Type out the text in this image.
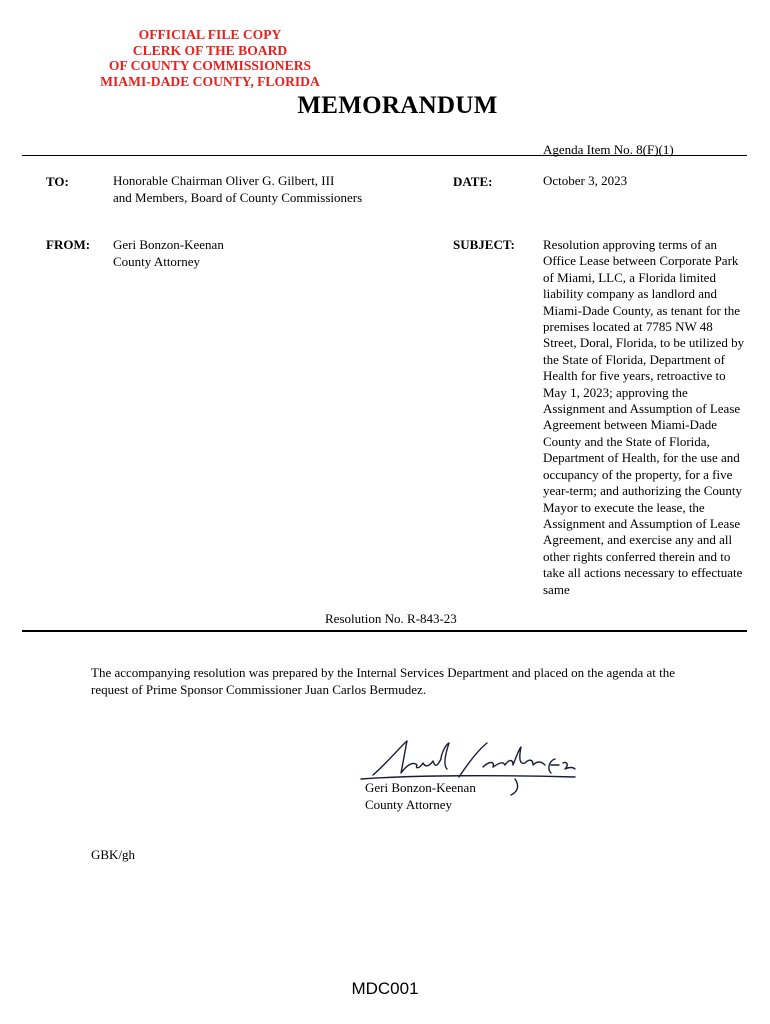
OFFICIAL FILE COPY
CLERK OF THE BOARD
OF COUNTY COMMISSIONERS
MIAMI-DADE COUNTY, FLORIDA
MEMORANDUM
Agenda Item No. 8(F)(1)
TO:	Honorable Chairman Oliver G. Gilbert, III
and Members, Board of County Commissioners
DATE:	October 3, 2023
FROM: Geri Bonzon-Keenan
County Attorney
SUBJECT: Resolution approving terms of an Office Lease between Corporate Park of Miami, LLC, a Florida limited liability company as landlord and Miami-Dade County, as tenant for the premises located at 7785 NW 48 Street, Doral, Florida, to be utilized by the State of Florida, Department of Health for five years, retroactive to May 1, 2023; approving the Assignment and Assumption of Lease Agreement between Miami-Dade County and the State of Florida, Department of Health, for the use and occupancy of the property, for a five year-term; and authorizing the County Mayor to execute the lease, the Assignment and Assumption of Lease Agreement, and exercise any and all other rights conferred therein and to take all actions necessary to effectuate same
Resolution No. R-843-23
The accompanying resolution was prepared by the Internal Services Department and placed on the agenda at the request of Prime Sponsor Commissioner Juan Carlos Bermudez.
Geri Bonzon-Keenan
County Attorney
GBK/gh
MDC001
